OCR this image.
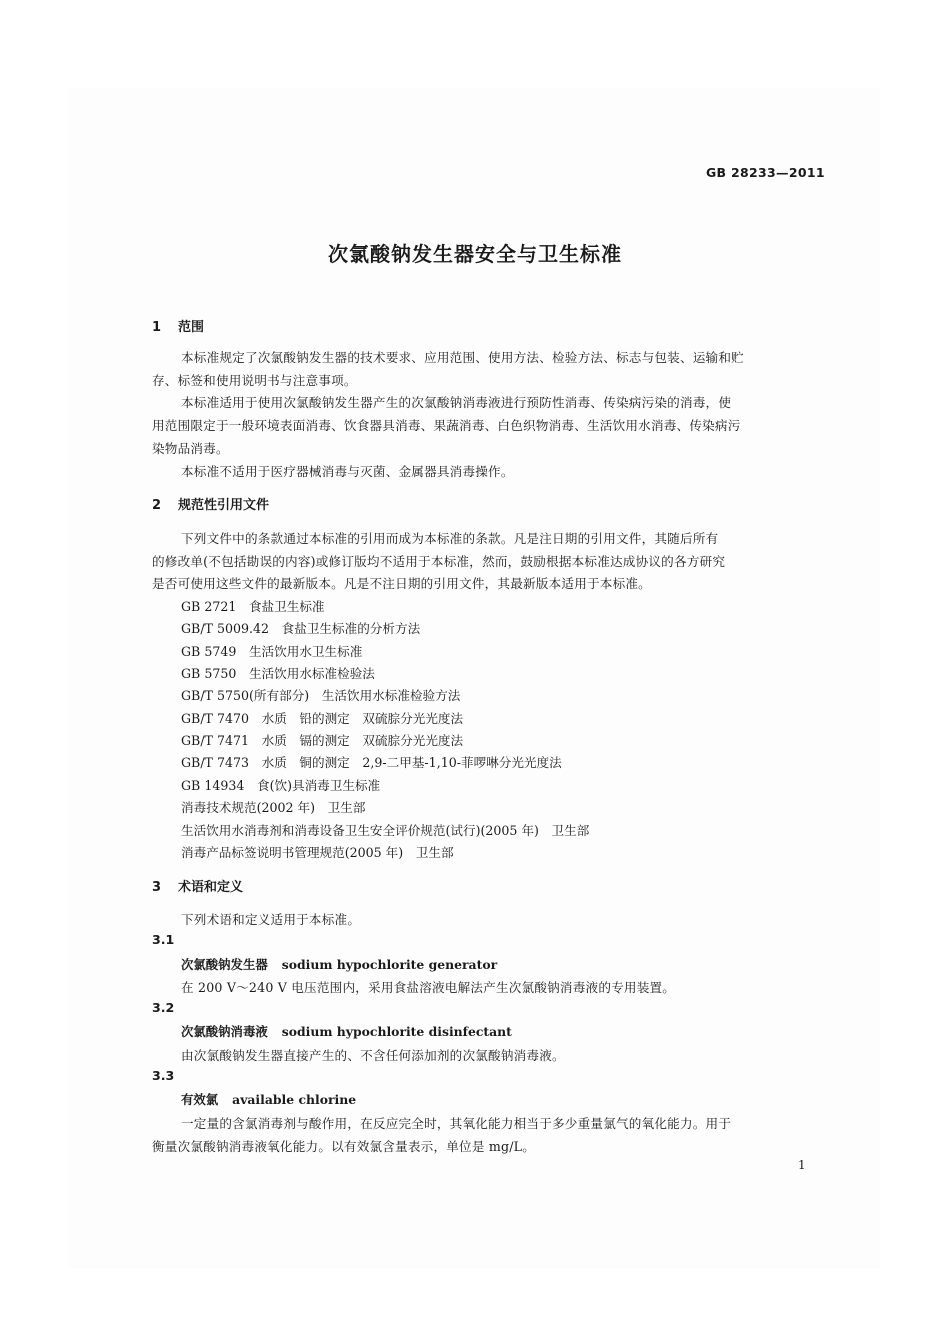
GB 28233—2011
次氯酸钠发生器安全与卫生标准
1 范围
本标准规定了次氯酸钠发生器的技术要求、应用范围、使用方法、检验方法、标志与包装、运输和贮
存、标签和使用说明书与注意事项。
本标准适用于使用次氯酸钠发生器产生的次氯酸钠消毒液进行预防性消毒、传染病污染的消毒，使
用范围限定于一般环境表面消毒、饮食器具消毒、果蔬消毒、白色织物消毒、生活饮用水消毒、传染病污
染物品消毒。
本标准不适用于医疗器械消毒与灭菌、金属器具消毒操作。
2 规范性引用文件
下列文件中的条款通过本标准的引用而成为本标准的条款。凡是注日期的引用文件，其随后所有
的修改单(不包括勘误的内容)或修订版均不适用于本标准，然而，鼓励根据本标准达成协议的各方研究
是否可使用这些文件的最新版本。凡是不注日期的引用文件，其最新版本适用于本标准。
GB 2721　食盐卫生标准
GB/T 5009.42　食盐卫生标准的分析方法
GB 5749　生活饮用水卫生标准
GB 5750　生活饮用水标准检验法
GB/T 5750(所有部分)　生活饮用水标准检验方法
GB/T 7470　水质　铅的测定　双硫腙分光光度法
GB/T 7471　水质　镉的测定　双硫腙分光光度法
GB/T 7473　水质　铜的测定　2,9-二甲基-1,10-菲啰啉分光光度法
GB 14934　食(饮)具消毒卫生标准
消毒技术规范(2002 年)　卫生部
生活饮用水消毒剂和消毒设备卫生安全评价规范(试行)(2005 年)　卫生部
消毒产品标签说明书管理规范(2005 年)　卫生部
3 术语和定义
下列术语和定义适用于本标准。
3.1
次氯酸钠发生器 sodium hypochlorite generator
在 200 V～240 V 电压范围内，采用食盐溶液电解法产生次氯酸钠消毒液的专用装置。
3.2
次氯酸钠消毒液 sodium hypochlorite disinfectant
由次氯酸钠发生器直接产生的、不含任何添加剂的次氯酸钠消毒液。
3.3
有效氯 available chlorine
一定量的含氯消毒剂与酸作用，在反应完全时，其氧化能力相当于多少重量氯气的氧化能力。用于
衡量次氯酸钠消毒液氧化能力。以有效氯含量表示，单位是 mg/L。
1
